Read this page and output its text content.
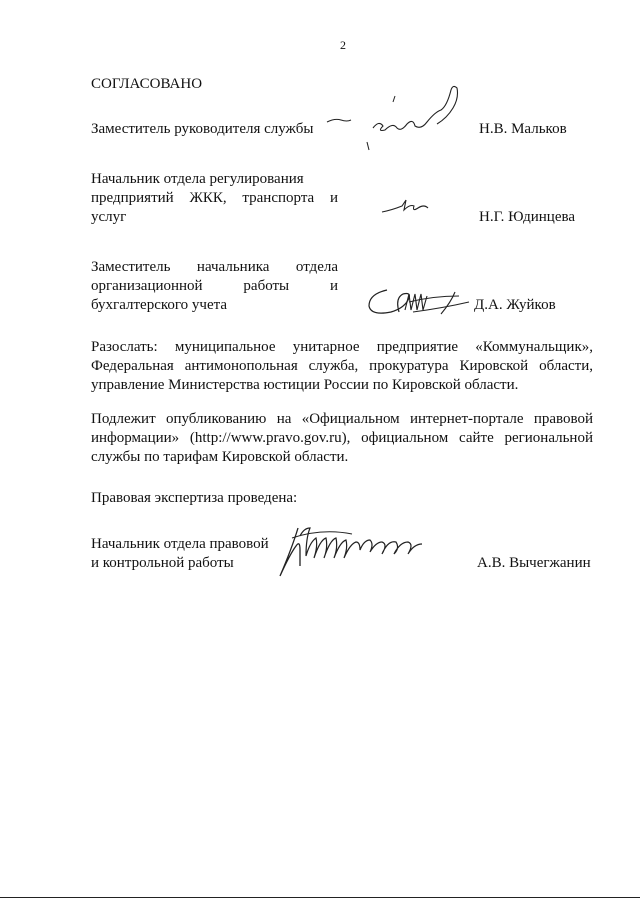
2
СОГЛАСОВАНО
Заместитель руководителя службы	Н.В. Мальков
Начальник отдела регулирования
предприятий ЖКК, транспорта и
услуг	Н.Г. Юдинцева
Заместитель начальника отдела
организационной работы и
бухгалтерского учета	Д.А. Жуйков
Разослать: муниципальное унитарное предприятие «Коммунальщик»,
Федеральная антимонопольная служба, прокуратура Кировской области,
управление Министерства юстиции России по Кировской области.
Подлежит опубликованию на «Официальном интернет-портале правовой
информации» (http://www.pravo.gov.ru), официальном сайте региональной
службы по тарифам Кировской области.
Правовая экспертиза проведена:
Начальник отдела правовой
и контрольной работы	А.В. Вычегжанин
